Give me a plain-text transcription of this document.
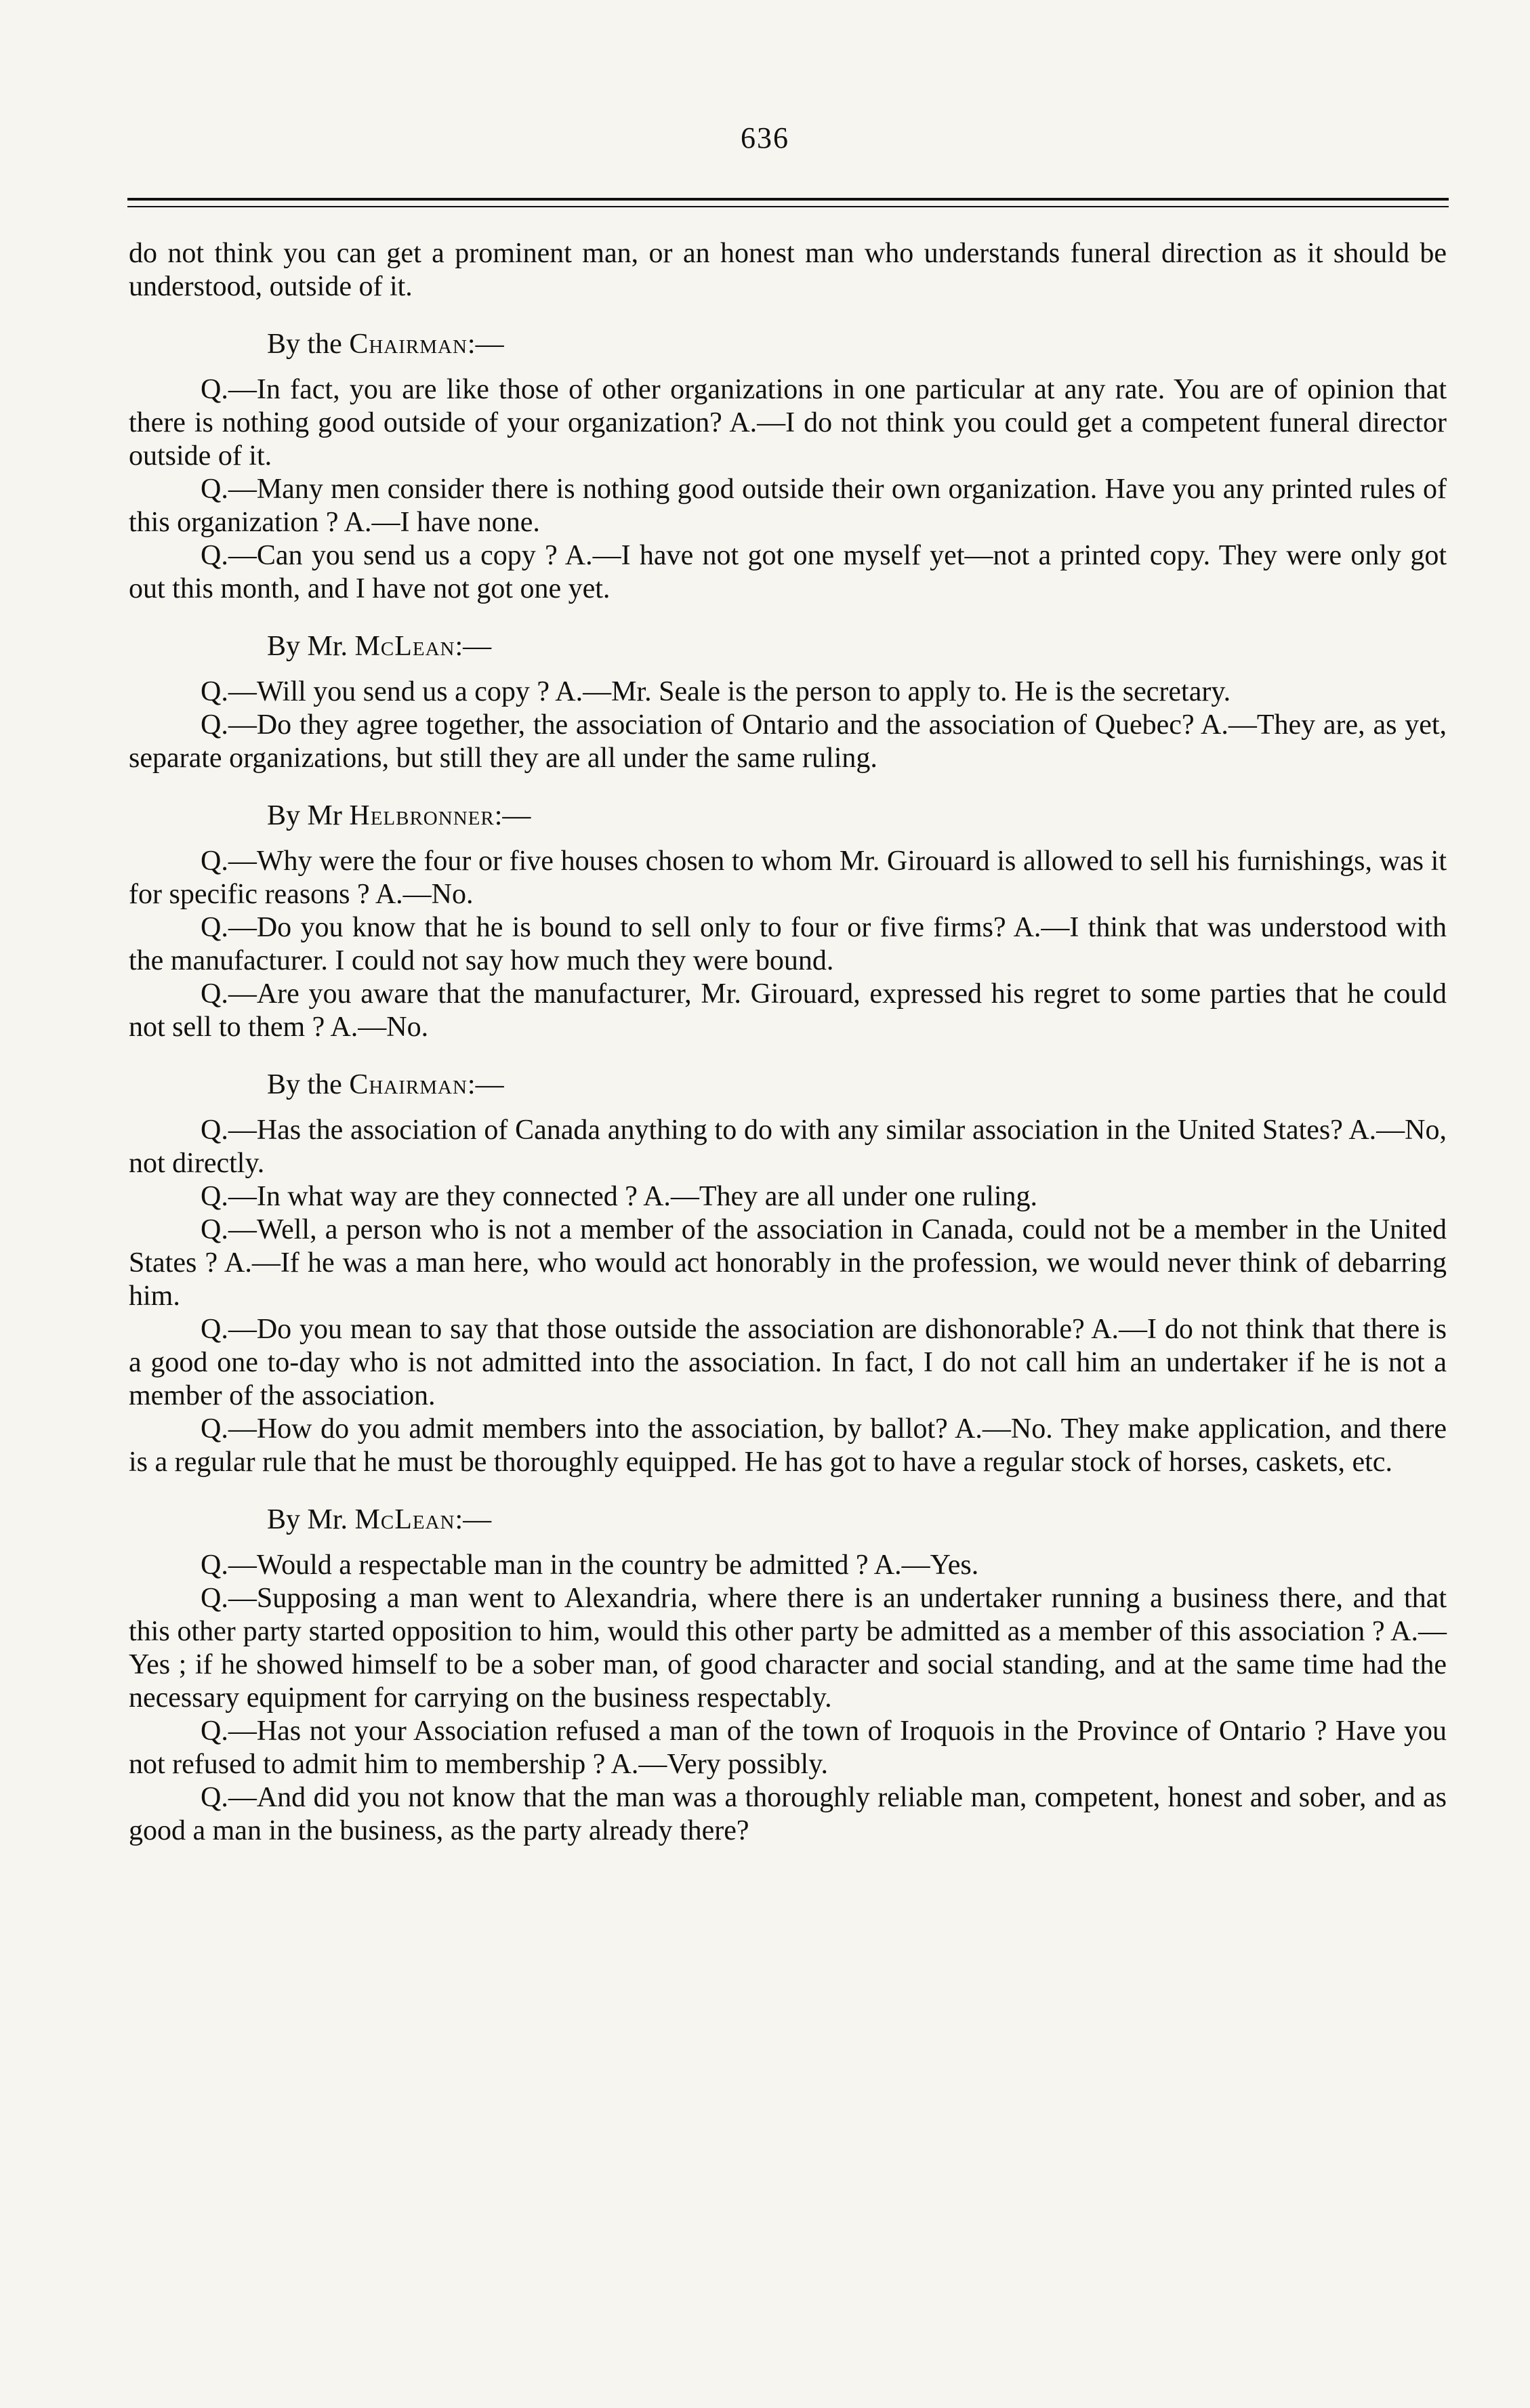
636

do not think you can get a prominent man, or an honest man who understands funeral direction as it should be understood, outside of it.

By the Chairman:—

Q.—In fact, you are like those of other organizations in one particular at any rate. You are of opinion that there is nothing good outside of your organization? A.—I do not think you could get a competent funeral director outside of it.

Q.—Many men consider there is nothing good outside their own organization. Have you any printed rules of this organization ? A.—I have none.

Q.—Can you send us a copy ? A.—I have not got one myself yet—not a printed copy. They were only got out this month, and I have not got one yet.

By Mr. McLean:—

Q.—Will you send us a copy ? A.—Mr. Seale is the person to apply to. He is the secretary.

Q.—Do they agree together, the association of Ontario and the association of Quebec? A.—They are, as yet, separate organizations, but still they are all under the same ruling.

By Mr Helbronner:—

Q.—Why were the four or five houses chosen to whom Mr. Girouard is allowed to sell his furnishings, was it for specific reasons ? A.—No.

Q.—Do you know that he is bound to sell only to four or five firms? A.—I think that was understood with the manufacturer. I could not say how much they were bound.

Q.—Are you aware that the manufacturer, Mr. Girouard, expressed his regret to some parties that he could not sell to them ? A.—No.

By the Chairman:—

Q.—Has the association of Canada anything to do with any similar association in the United States? A.—No, not directly.

Q.—In what way are they connected ? A.—They are all under one ruling.

Q.—Well, a person who is not a member of the association in Canada, could not be a member in the United States ? A.—If he was a man here, who would act honorably in the profession, we would never think of debarring him.

Q.—Do you mean to say that those outside the association are dishonorable? A.—I do not think that there is a good one to-day who is not admitted into the association. In fact, I do not call him an undertaker if he is not a member of the association.

Q.—How do you admit members into the association, by ballot? A.—No. They make application, and there is a regular rule that he must be thoroughly equipped. He has got to have a regular stock of horses, caskets, etc.

By Mr. McLean:—

Q.—Would a respectable man in the country be admitted ? A.—Yes.

Q.—Supposing a man went to Alexandria, where there is an undertaker running a business there, and that this other party started opposition to him, would this other party be admitted as a member of this association ? A.—Yes ; if he showed himself to be a sober man, of good character and social standing, and at the same time had the necessary equipment for carrying on the business respectably.

Q.—Has not your Association refused a man of the town of Iroquois in the Province of Ontario ? Have you not refused to admit him to membership ? A.—Very possibly.

Q.—And did you not know that the man was a thoroughly reliable man, competent, honest and sober, and as good a man in the business, as the party already there?
